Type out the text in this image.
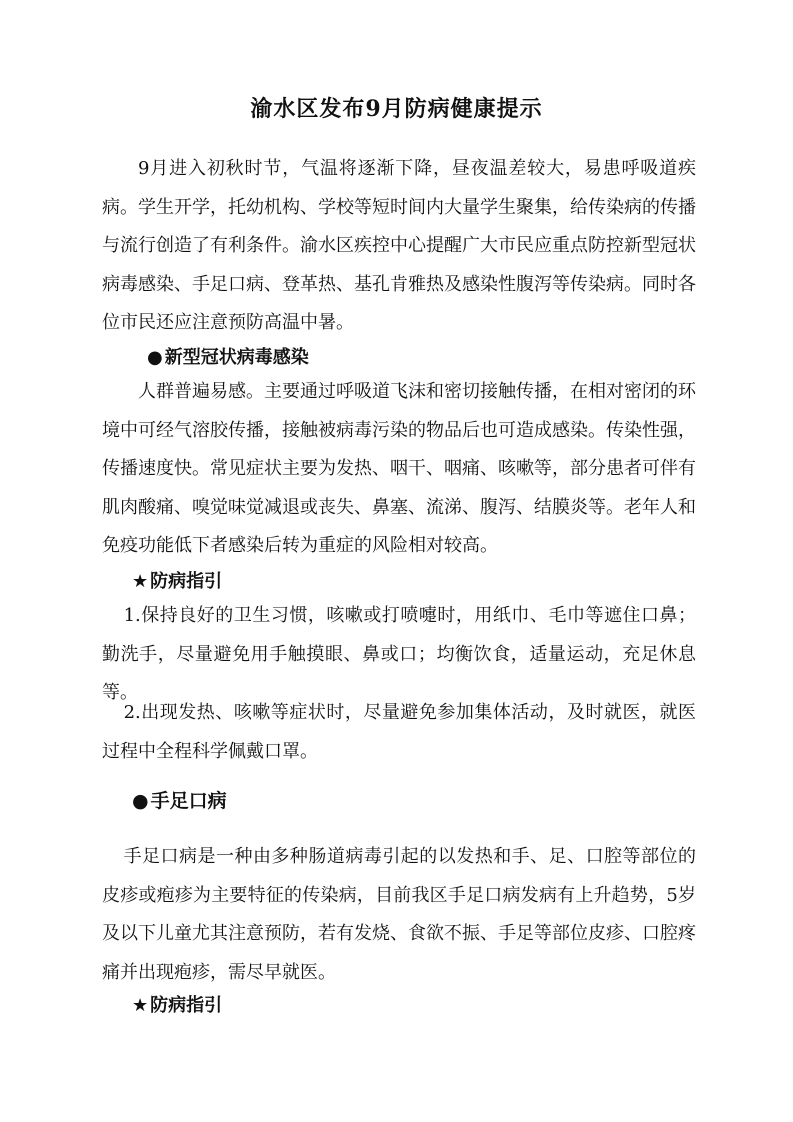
渝水区发布9月防病健康提示

9月进入初秋时节，气温将逐渐下降，昼夜温差较大，易患呼吸道疾病。学生开学，托幼机构、学校等短时间内大量学生聚集，给传染病的传播与流行创造了有利条件。渝水区疾控中心提醒广大市民应重点防控新型冠状病毒感染、手足口病、登革热、基孔肯雅热及感染性腹泻等传染病。同时各位市民还应注意预防高温中暑。

● 新型冠状病毒感染

人群普遍易感。主要通过呼吸道飞沫和密切接触传播，在相对密闭的环境中可经气溶胶传播，接触被病毒污染的物品后也可造成感染。传染性强，传播速度快。常见症状主要为发热、咽干、咽痛、咳嗽等，部分患者可伴有肌肉酸痛、嗅觉味觉减退或丧失、鼻塞、流涕、腹泻、结膜炎等。老年人和免疫功能低下者感染后转为重症的风险相对较高。

★ 防病指引

1.保持良好的卫生习惯，咳嗽或打喷嚏时，用纸巾、毛巾等遮住口鼻；勤洗手，尽量避免用手触摸眼、鼻或口；均衡饮食，适量运动，充足休息等。

2.出现发热、咳嗽等症状时，尽量避免参加集体活动，及时就医，就医过程中全程科学佩戴口罩。

● 手足口病

手足口病是一种由多种肠道病毒引起的以发热和手、足、口腔等部位的皮疹或疱疹为主要特征的传染病，目前我区手足口病发病有上升趋势，5岁及以下儿童尤其注意预防，若有发烧、食欲不振、手足等部位皮疹、口腔疼痛并出现疱疹，需尽早就医。

★ 防病指引
